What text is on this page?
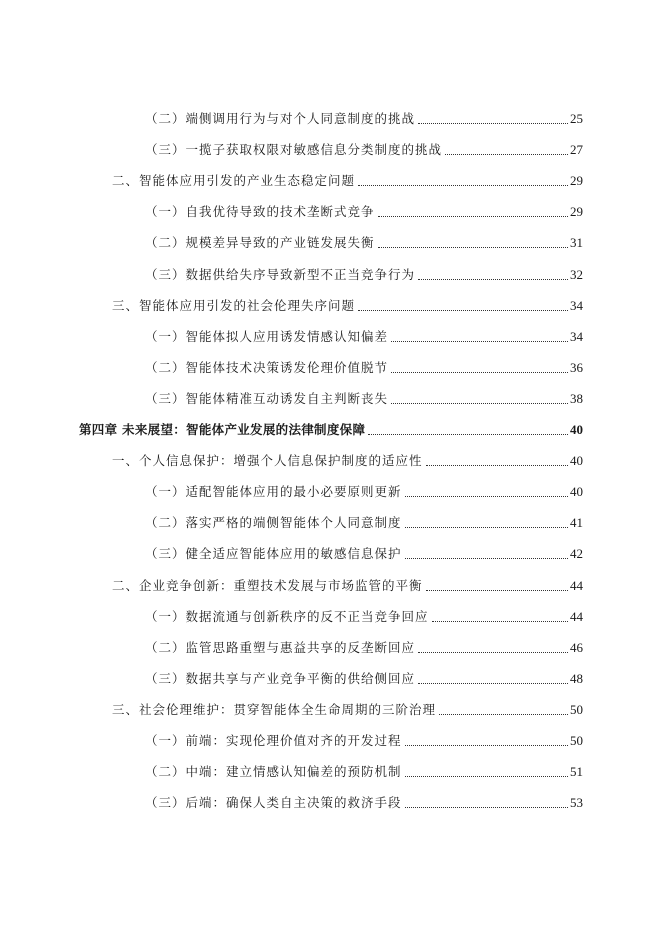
（二）端侧调用行为与对个人同意制度的挑战	25
（三）一揽子获取权限对敏感信息分类制度的挑战	27
二、智能体应用引发的产业生态稳定问题	29
（一）自我优待导致的技术垄断式竞争	29
（二）规模差异导致的产业链发展失衡	31
（三）数据供给失序导致新型不正当竞争行为	32
三、智能体应用引发的社会伦理失序问题	34
（一）智能体拟人应用诱发情感认知偏差	34
（二）智能体技术决策诱发伦理价值脱节	36
（三）智能体精准互动诱发自主判断丧失	38
第四章 未来展望：智能体产业发展的法律制度保障	40
一、个人信息保护：增强个人信息保护制度的适应性	40
（一）适配智能体应用的最小必要原则更新	40
（二）落实严格的端侧智能体个人同意制度	41
（三）健全适应智能体应用的敏感信息保护	42
二、企业竞争创新：重塑技术发展与市场监管的平衡	44
（一）数据流通与创新秩序的反不正当竞争回应	44
（二）监管思路重塑与惠益共享的反垄断回应	46
（三）数据共享与产业竞争平衡的供给侧回应	48
三、社会伦理维护：贯穿智能体全生命周期的三阶治理	50
（一）前端：实现伦理价值对齐的开发过程	50
（二）中端：建立情感认知偏差的预防机制	51
（三）后端：确保人类自主决策的救济手段	53
